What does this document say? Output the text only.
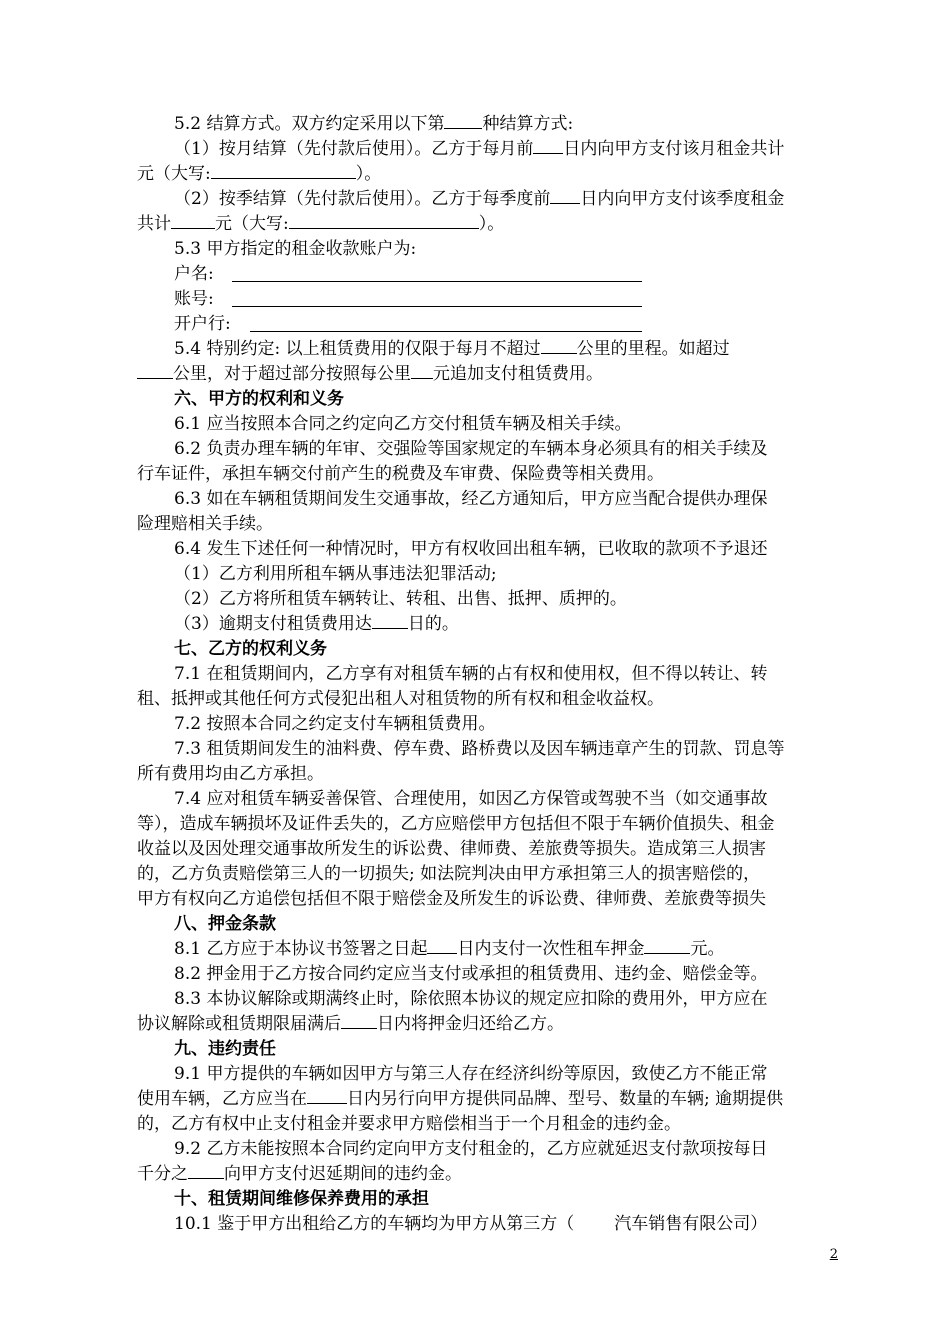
5.2 结算方式。双方约定采用以下第 种结算方式:
（1）按月结算（先付款后使用）。乙方于每月前 日内向甲方支付该月租金共计
元（大写:	）。
（2）按季结算（先付款后使用）。乙方于每季度前 日内向甲方支付该季度租金
共计	元（大写:	）。
5.3 甲方指定的租金收款账户为:
户名:
账号:
开户行:
5.4 特别约定: 以上租赁费用的仅限于每月不超过 公里的里程。如超过
公里，对于超过部分按照每公里 元追加支付租赁费用。
六、甲方的权利和义务
6.1 应当按照本合同之约定向乙方交付租赁车辆及相关手续。
6.2 负责办理车辆的年审、交强险等国家规定的车辆本身必须具有的相关手续及
行车证件，承担车辆交付前产生的税费及车审费、保险费等相关费用。
6.3 如在车辆租赁期间发生交通事故，经乙方通知后，甲方应当配合提供办理保
险理赔相关手续。
6.4 发生下述任何一种情况时，甲方有权收回出租车辆，已收取的款项不予退还
（1）乙方利用所租车辆从事违法犯罪活动;
（2）乙方将所租赁车辆转让、转租、出售、抵押、质押的。
（3）逾期支付租赁费用达 日的。
七、乙方的权利义务
7.1 在租赁期间内，乙方享有对租赁车辆的占有权和使用权，但不得以转让、转
租、抵押或其他任何方式侵犯出租人对租赁物的所有权和租金收益权。
7.2 按照本合同之约定支付车辆租赁费用。
7.3 租赁期间发生的油料费、停车费、路桥费以及因车辆违章产生的罚款、罚息等
所有费用均由乙方承担。
7.4 应对租赁车辆妥善保管、合理使用，如因乙方保管或驾驶不当（如交通事故
等），造成车辆损坏及证件丢失的，乙方应赔偿甲方包括但不限于车辆价值损失、租金
收益以及因处理交通事故所发生的诉讼费、律师费、差旅费等损失。造成第三人损害
的，乙方负责赔偿第三人的一切损失; 如法院判决由甲方承担第三人的损害赔偿的，
甲方有权向乙方追偿包括但不限于赔偿金及所发生的诉讼费、律师费、差旅费等损失
八、押金条款
8.1 乙方应于本协议书签署之日起 日内支付一次性租车押金	元。
8.2 押金用于乙方按合同约定应当支付或承担的租赁费用、违约金、赔偿金等。
8.3 本协议解除或期满终止时，除依照本协议的规定应扣除的费用外，甲方应在
协议解除或租赁期限届满后 日内将押金归还给乙方。
九、违约责任
9.1 甲方提供的车辆如因甲方与第三人存在经济纠纷等原因，致使乙方不能正常
使用车辆，乙方应当在 日内另行向甲方提供同品牌、型号、数量的车辆; 逾期提供
的，乙方有权中止支付租金并要求甲方赔偿相当于一个月租金的违约金。
9.2 乙方未能按照本合同约定向甲方支付租金的，乙方应就延迟支付款项按每日
千分之 向甲方支付迟延期间的违约金。
十、租赁期间维修保养费用的承担
10.1 鉴于甲方出租给乙方的车辆均为甲方从第三方（ 汽车销售有限公司）
2
